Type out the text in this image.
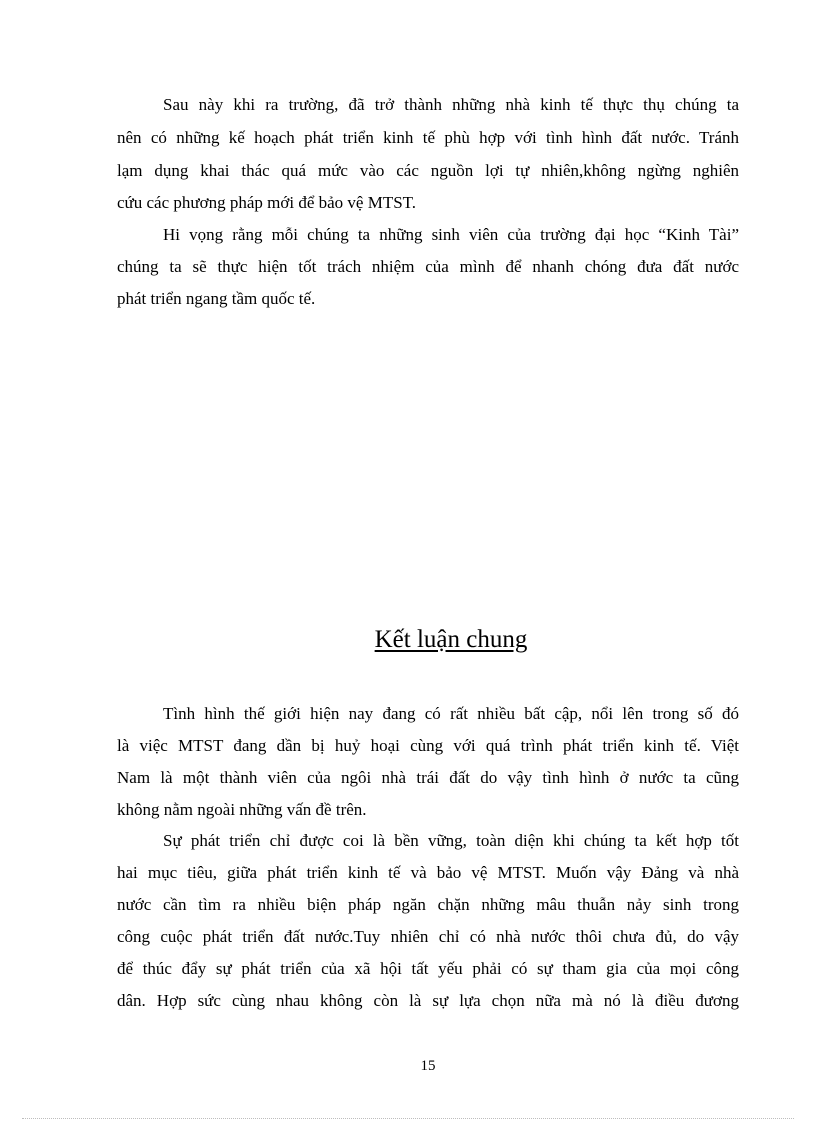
Sau này khi ra trường, đã trở thành những nhà kinh tế thực thụ chúng ta
nên có những kế hoạch phát triển kinh tế phù hợp với tình hình đất nước. Tránh
lạm dụng khai thác quá mức vào các nguồn lợi tự nhiên,không ngừng nghiên
cứu các phương pháp mới để bảo vệ MTST.
Hi vọng rằng mỗi chúng ta những sinh viên của trường đại học “Kinh Tài”
chúng ta sẽ thực hiện tốt trách nhiệm của mình để nhanh chóng đưa đất nước
phát triển ngang tầm quốc tế.
Kết luận chung
Tình hình thế giới hiện nay đang có rất nhiều bất cập, nổi lên trong số đó
là việc MTST đang dần bị huỷ hoại cùng với quá trình phát triển kinh tế. Việt
Nam là một thành viên của ngôi nhà trái đất do vậy tình hình ở nước ta cũng
không nằm ngoài những vấn đề trên.
Sự phát triển chỉ được coi là bền vững, toàn diện khi chúng ta kết hợp tốt
hai mục tiêu, giữa phát triển kinh tế và bảo vệ MTST. Muốn vậy Đảng và nhà
nước cần tìm ra nhiều biện pháp ngăn chặn những mâu thuẫn nảy sinh trong
công cuộc phát triển đất nước.Tuy nhiên chỉ có nhà nước thôi chưa đủ, do vậy
để thúc đẩy sự phát triển của xã hội tất yếu phải có sự tham gia của mọi công
dân. Hợp sức cùng nhau không còn là sự lựa chọn nữa mà nó là điều đương
15
